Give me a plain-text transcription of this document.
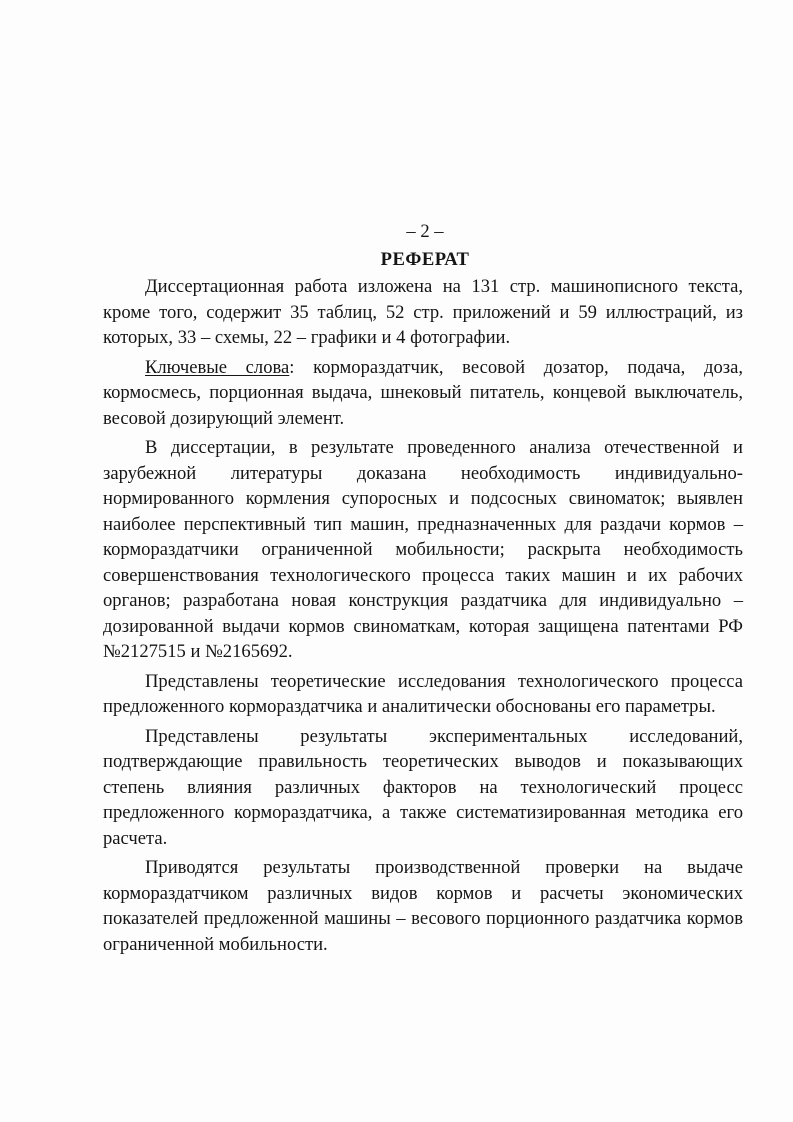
– 2 –
РЕФЕРАТ

Диссертационная работа изложена на 131 стр. машинописного текста, кроме того, содержит 35 таблиц, 52 стр. приложений и 59 иллюстраций, из которых, 33 – схемы, 22 – графики и 4 фотографии.

Ключевые слова: кормораздатчик, весовой дозатор, подача, доза, кормосмесь, порционная выдача, шнековый питатель, концевой выключатель, весовой дозирующий элемент.

В диссертации, в результате проведенного анализа отечественной и зарубежной литературы доказана необходимость индивидуально-нормированного кормления супоросных и подсосных свиноматок; выявлен наиболее перспективный тип машин, предназначенных для раздачи кормов – кормораздатчики ограниченной мобильности; раскрыта необходимость совершенствования технологического процесса таких машин и их рабочих органов; разработана новая конструкция раздатчика для индивидуально – дозированной выдачи кормов свиноматкам, которая защищена патентами РФ №2127515 и №2165692.

Представлены теоретические исследования технологического процесса предложенного кормораздатчика и аналитически обоснованы его параметры.

Представлены результаты экспериментальных исследований, подтверждающие правильность теоретических выводов и показывающих степень влияния различных факторов на технологический процесс предложенного кормораздатчика, а также систематизированная методика его расчета.

Приводятся результаты производственной проверки на выдаче кормораздатчиком различных видов кормов и расчеты экономических показателей предложенной машины – весового порционного раздатчика кормов ограниченной мобильности.
